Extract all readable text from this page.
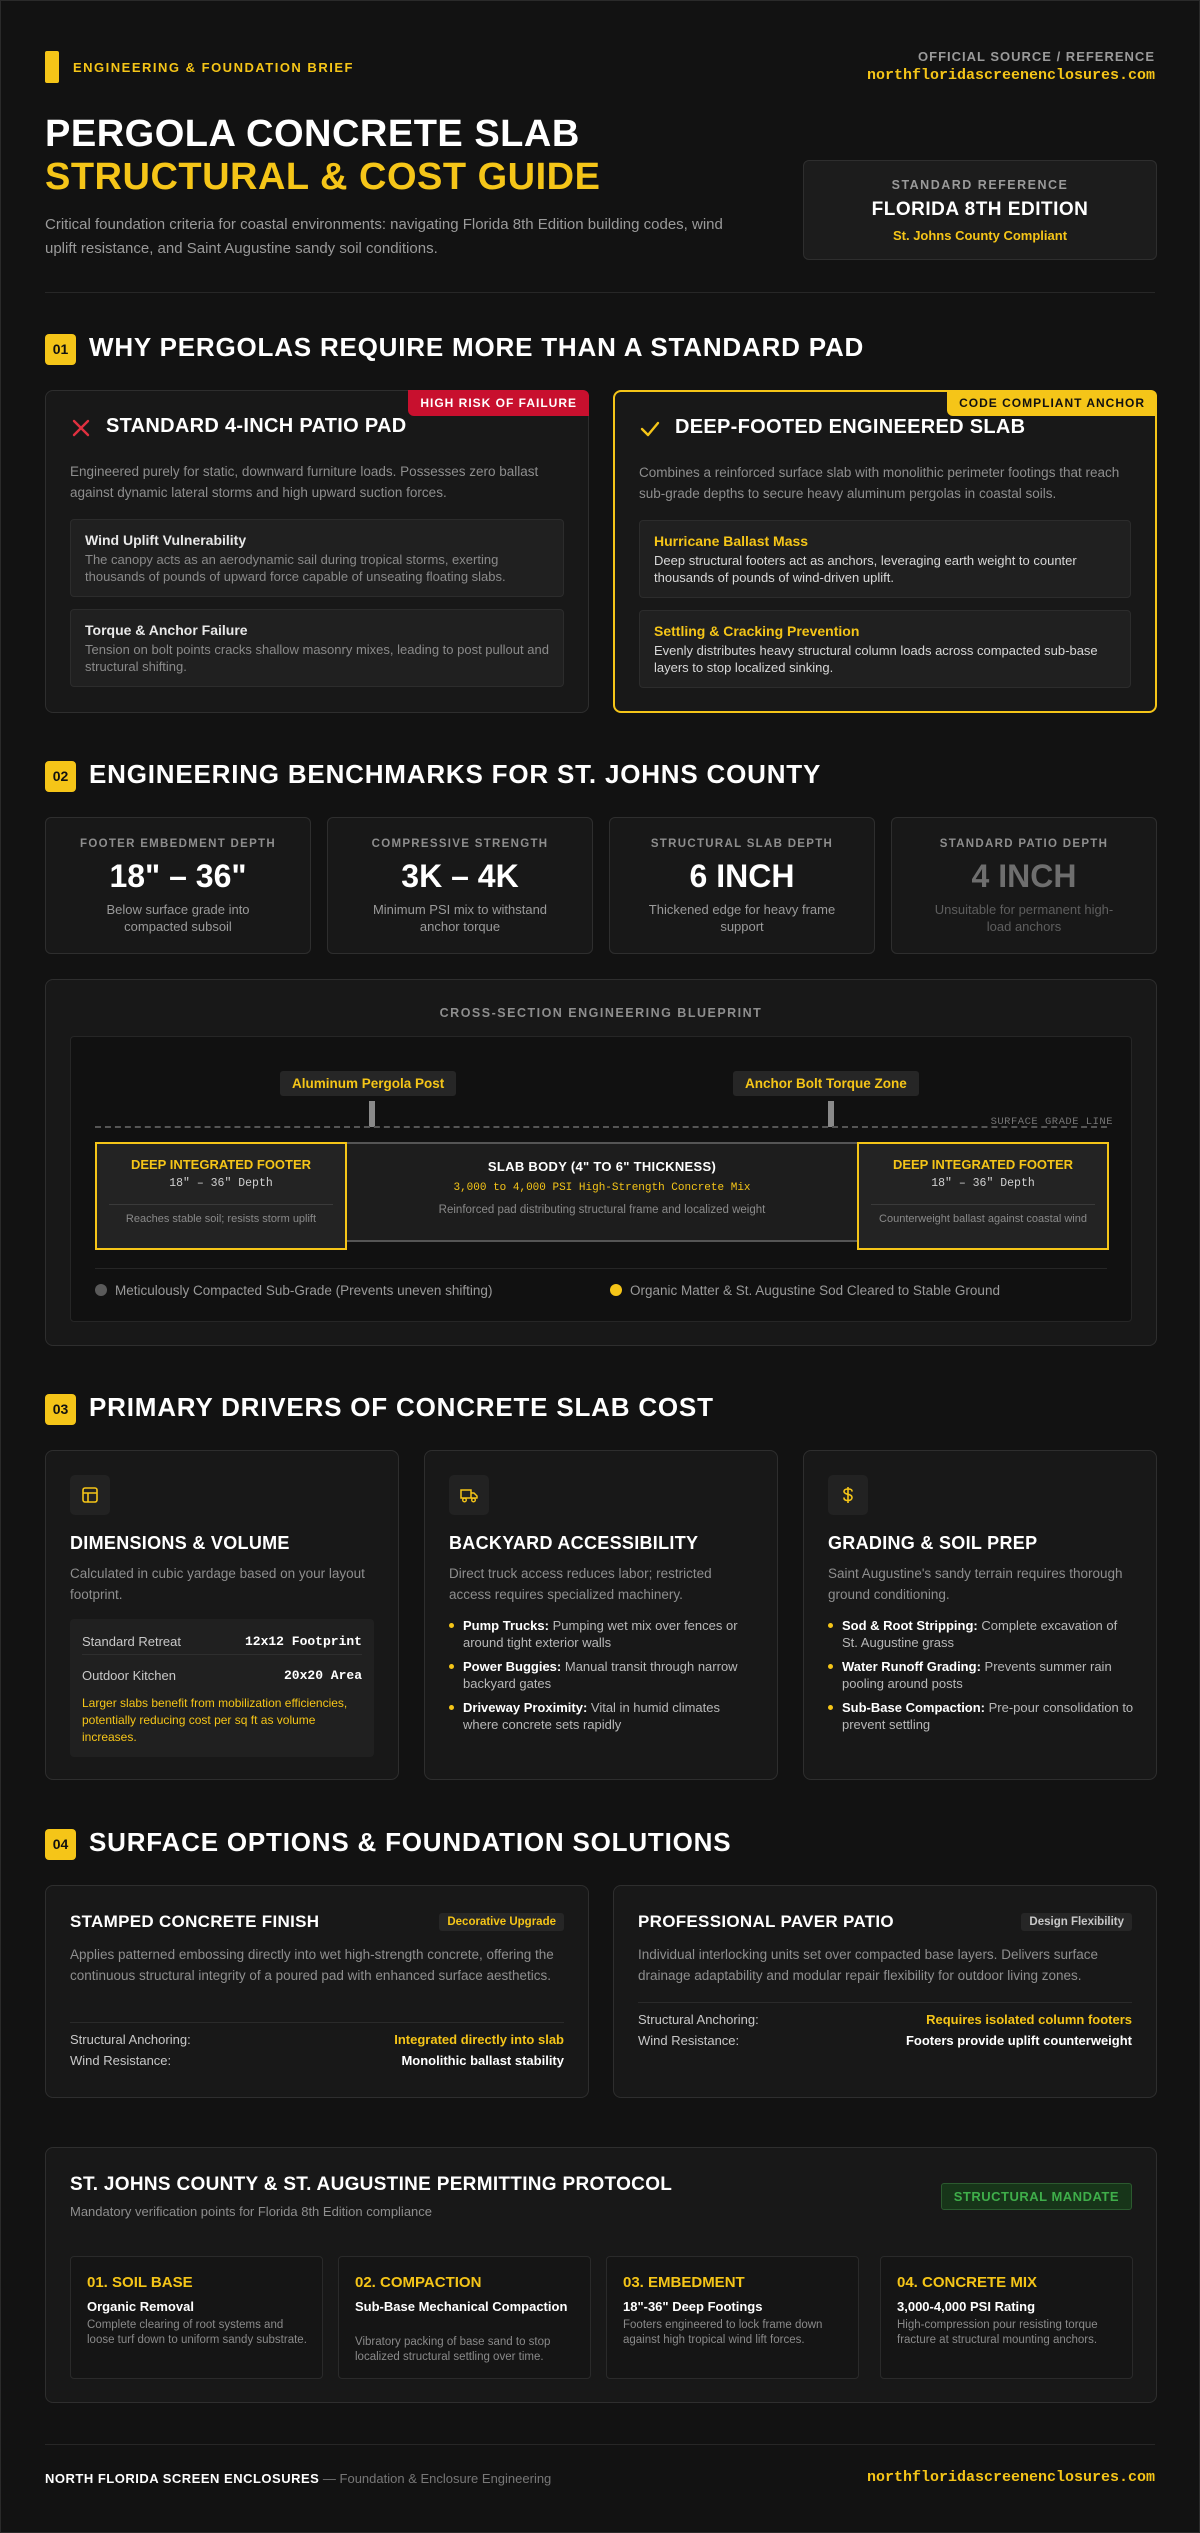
ENGINEERING & FOUNDATION BRIEF
OFFICIAL SOURCE / REFERENCE
northfloridascreenenclosures.com
PERGOLA CONCRETE SLAB
STRUCTURAL & COST GUIDE
Critical foundation criteria for coastal environments: navigating Florida 8th Edition building codes, wind uplift resistance, and Saint Augustine sandy soil conditions.
STANDARD REFERENCE
FLORIDA 8TH EDITION
St. Johns County Compliant
01 WHY PERGOLAS REQUIRE MORE THAN A STANDARD PAD
HIGH RISK OF FAILURE
STANDARD 4-INCH PATIO PAD
Engineered purely for static, downward furniture loads. Possesses zero ballast against dynamic lateral storms and high upward suction forces.
Wind Uplift Vulnerability
The canopy acts as an aerodynamic sail during tropical storms, exerting thousands of pounds of upward force capable of unseating floating slabs.
Torque & Anchor Failure
Tension on bolt points cracks shallow masonry mixes, leading to post pullout and structural shifting.
CODE COMPLIANT ANCHOR
DEEP-FOOTED ENGINEERED SLAB
Combines a reinforced surface slab with monolithic perimeter footings that reach sub-grade depths to secure heavy aluminum pergolas in coastal soils.
Hurricane Ballast Mass
Deep structural footers act as anchors, leveraging earth weight to counter thousands of pounds of wind-driven uplift.
Settling & Cracking Prevention
Evenly distributes heavy structural column loads across compacted sub-base layers to stop localized sinking.
02 ENGINEERING BENCHMARKS FOR ST. JOHNS COUNTY
FOOTER EMBEDMENT DEPTH
18" – 36"
Below surface grade into compacted subsoil
COMPRESSIVE STRENGTH
3K – 4K
Minimum PSI mix to withstand anchor torque
STRUCTURAL SLAB DEPTH
6 INCH
Thickened edge for heavy frame support
STANDARD PATIO DEPTH
4 INCH
Unsuitable for permanent high-load anchors
CROSS-SECTION ENGINEERING BLUEPRINT
Aluminum Pergola Post	Anchor Bolt Torque Zone
SURFACE GRADE LINE
SLAB BODY (4" TO 6" THICKNESS)
3,000 to 4,000 PSI High-Strength Concrete Mix
Reinforced pad distributing structural frame and localized weight
DEEP INTEGRATED FOOTER
18" – 36" Depth
Reaches stable soil; resists storm uplift
DEEP INTEGRATED FOOTER
18" – 36" Depth
Counterweight ballast against coastal wind
Meticulously Compacted Sub-Grade (Prevents uneven shifting)	Organic Matter & St. Augustine Sod Cleared to Stable Ground
03 PRIMARY DRIVERS OF CONCRETE SLAB COST
DIMENSIONS & VOLUME
Calculated in cubic yardage based on your layout footprint.
Standard Retreat	12x12 Footprint
Outdoor Kitchen	20x20 Area
Larger slabs benefit from mobilization efficiencies, potentially reducing cost per sq ft as volume increases.
BACKYARD ACCESSIBILITY
Direct truck access reduces labor; restricted access requires specialized machinery.
Pump Trucks: Pumping wet mix over fences or around tight exterior walls
Power Buggies: Manual transit through narrow backyard gates
Driveway Proximity: Vital in humid climates where concrete sets rapidly
GRADING & SOIL PREP
Saint Augustine's sandy terrain requires thorough ground conditioning.
Sod & Root Stripping: Complete excavation of St. Augustine grass
Water Runoff Grading: Prevents summer rain pooling around posts
Sub-Base Compaction: Pre-pour consolidation to prevent settling
04 SURFACE OPTIONS & FOUNDATION SOLUTIONS
STAMPED CONCRETE FINISH	Decorative Upgrade
Applies patterned embossing directly into wet high-strength concrete, offering the continuous structural integrity of a poured pad with enhanced surface aesthetics.
Structural Anchoring:	Integrated directly into slab
Wind Resistance:	Monolithic ballast stability
PROFESSIONAL PAVER PATIO	Design Flexibility
Individual interlocking units set over compacted base layers. Delivers surface drainage adaptability and modular repair flexibility for outdoor living zones.
Structural Anchoring:	Requires isolated column footers
Wind Resistance:	Footers provide uplift counterweight
ST. JOHNS COUNTY & ST. AUGUSTINE PERMITTING PROTOCOL
Mandatory verification points for Florida 8th Edition compliance
STRUCTURAL MANDATE
01. SOIL BASE
Organic Removal
Complete clearing of root systems and loose turf down to uniform sandy substrate.
02. COMPACTION
Sub-Base Mechanical Compaction
Vibratory packing of base sand to stop localized structural settling over time.
03. EMBEDMENT
18"-36" Deep Footings
Footers engineered to lock frame down against high tropical wind lift forces.
04. CONCRETE MIX
3,000-4,000 PSI Rating
High-compression pour resisting torque fracture at structural mounting anchors.
NORTH FLORIDA SCREEN ENCLOSURES — Foundation & Enclosure Engineering	northfloridascreenenclosures.com
